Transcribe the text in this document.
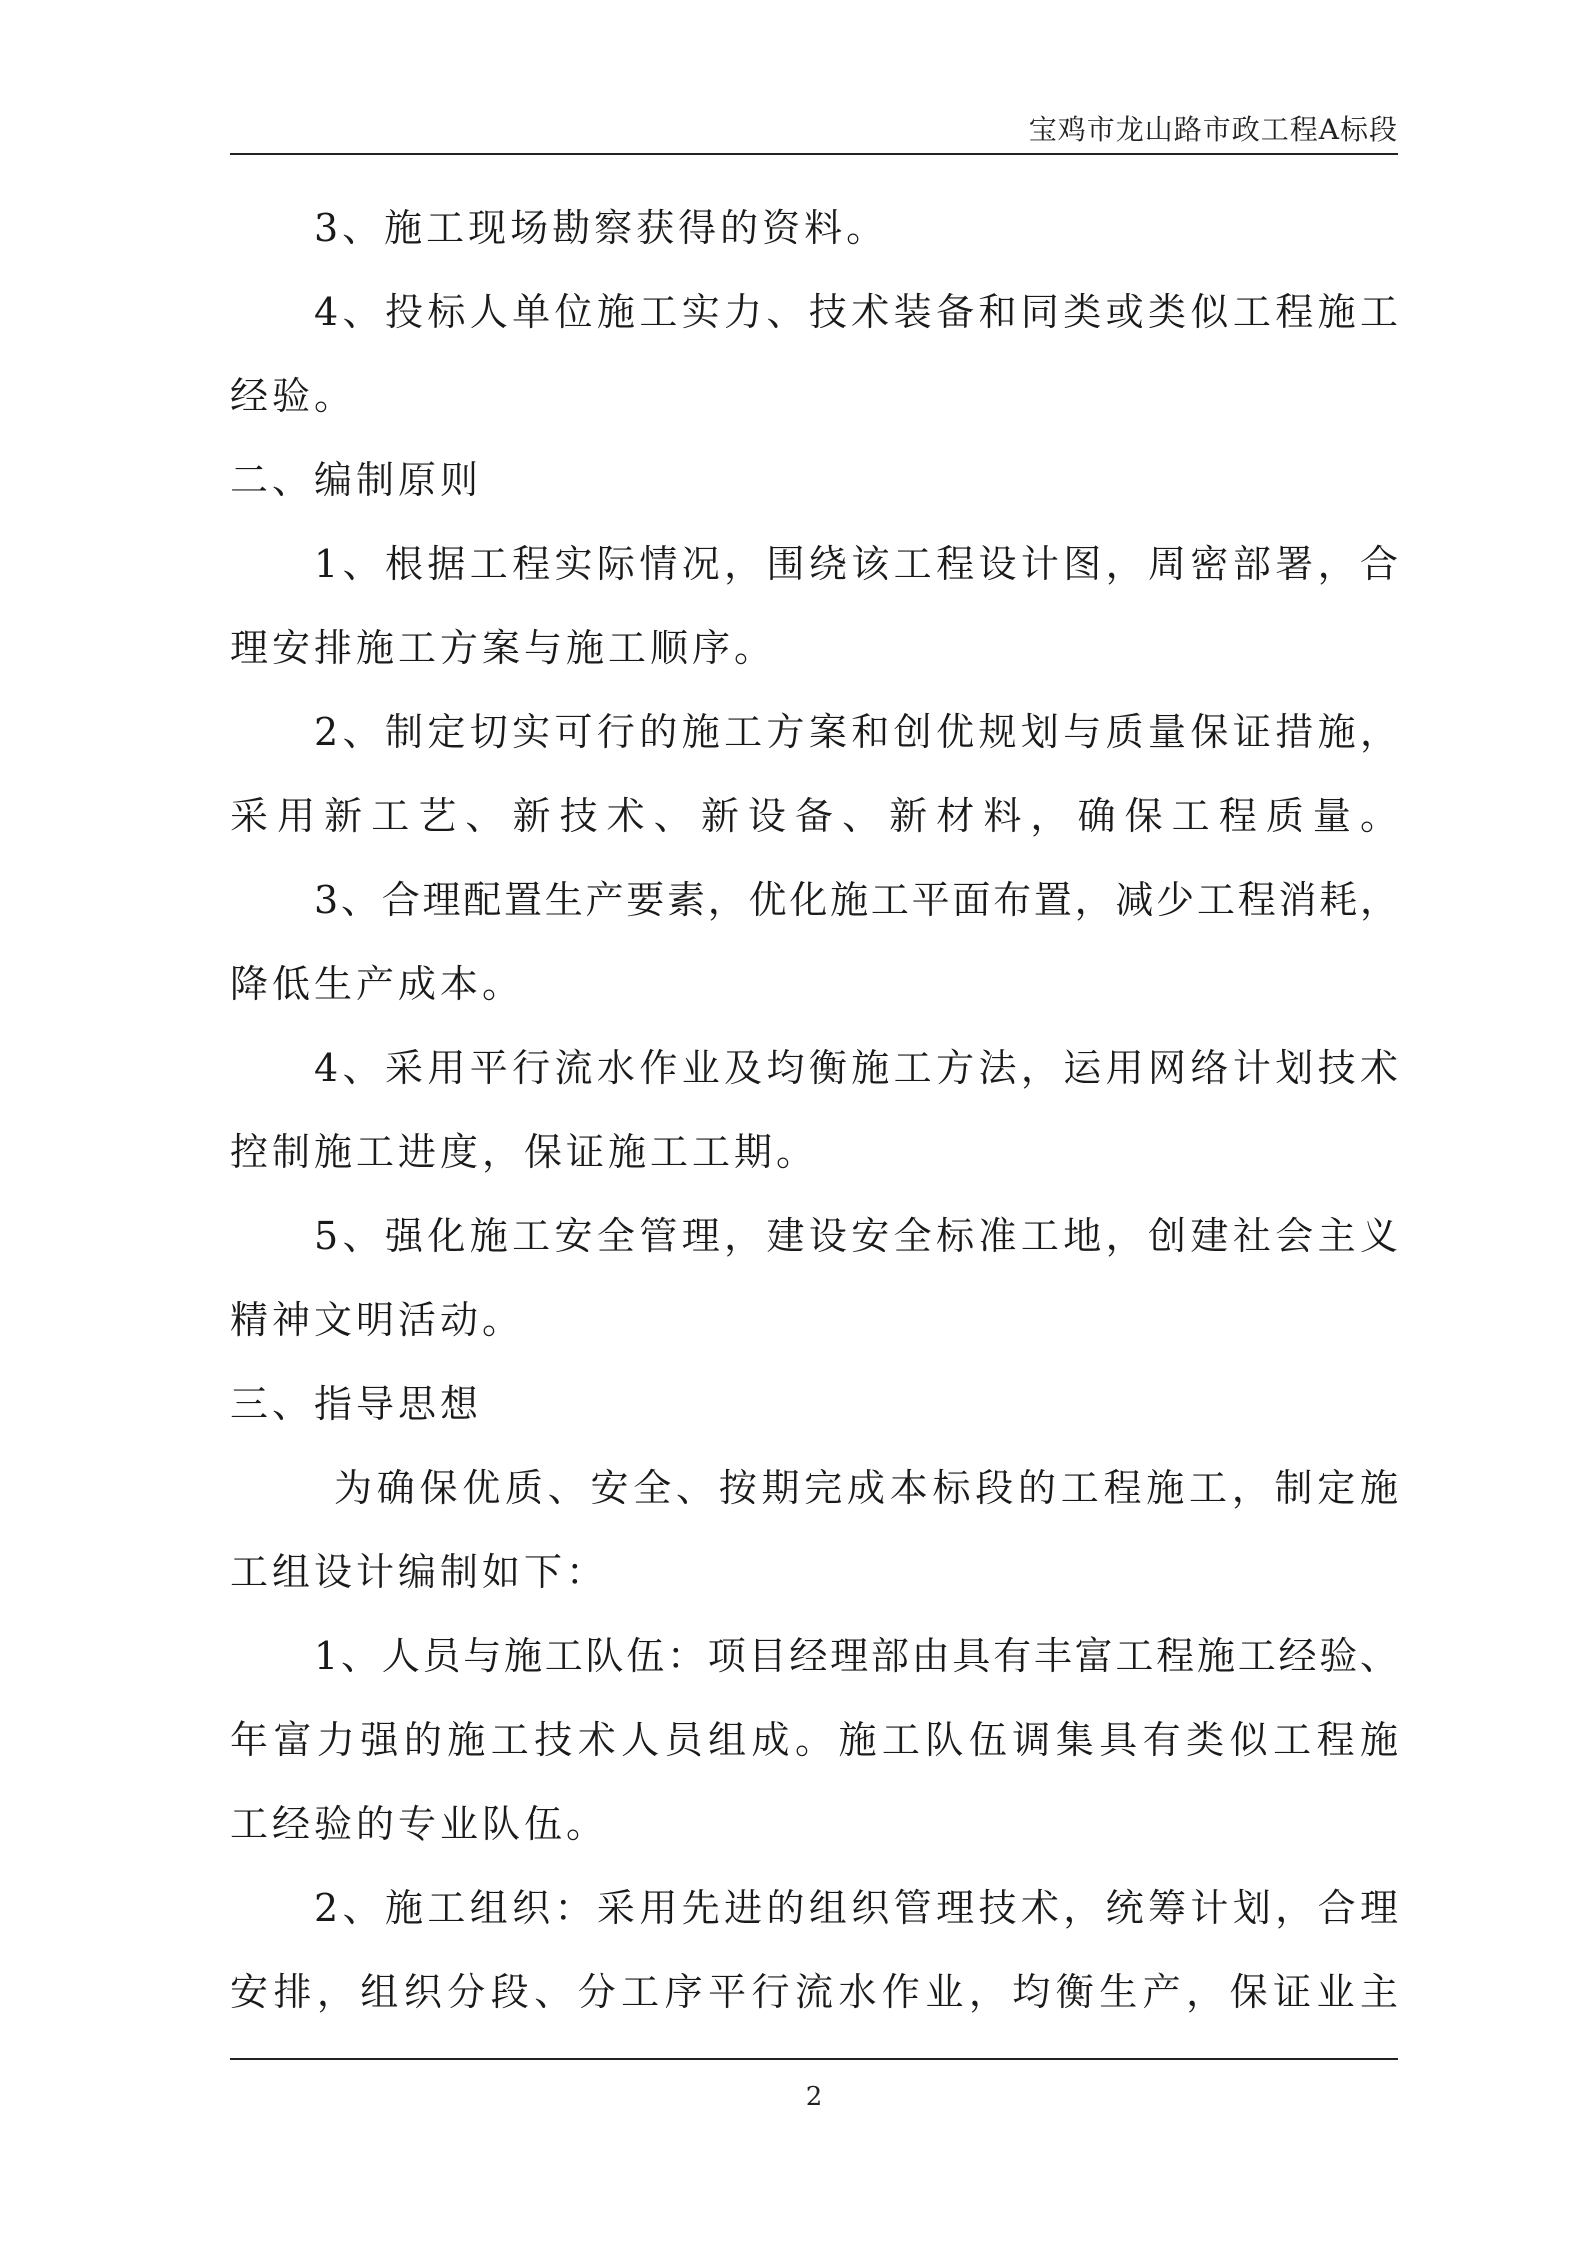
宝鸡市龙山路市政工程A标段
3、施工现场勘察获得的资料。
4、投标人单位施工实力、技术装备和同类或类似工程施工
经验。
二、编制原则
1、根据工程实际情况，围绕该工程设计图，周密部署，合
理安排施工方案与施工顺序。
2、制定切实可行的施工方案和创优规划与质量保证措施，
采用新工艺、新技术、新设备、新材料，确保工程质量。
3、合理配置生产要素，优化施工平面布置，减少工程消耗，
降低生产成本。
4、采用平行流水作业及均衡施工方法，运用网络计划技术
控制施工进度，保证施工工期。
5、强化施工安全管理，建设安全标准工地，创建社会主义
精神文明活动。
三、指导思想
为确保优质、安全、按期完成本标段的工程施工，制定施
工组设计编制如下：
1、人员与施工队伍：项目经理部由具有丰富工程施工经验、
年富力强的施工技术人员组成。施工队伍调集具有类似工程施
工经验的专业队伍。
2、施工组织：采用先进的组织管理技术，统筹计划，合理
安排，组织分段、分工序平行流水作业，均衡生产，保证业主
2
